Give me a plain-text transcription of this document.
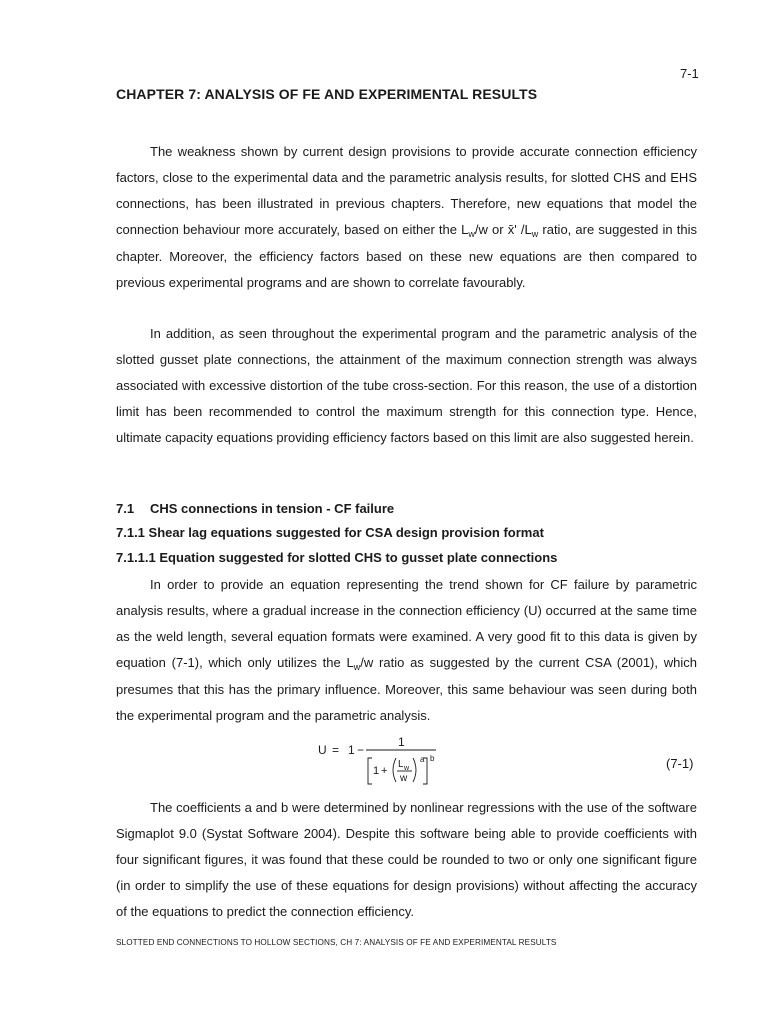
7-1
CHAPTER 7: ANALYSIS OF FE AND EXPERIMENTAL RESULTS

The weakness shown by current design provisions to provide accurate connection efficiency factors, close to the experimental data and the parametric analysis results, for slotted CHS and EHS connections, has been illustrated in previous chapters. Therefore, new equations that model the connection behaviour more accurately, based on either the $L_w/w$ or x̄' $/L_w$ ratio, are suggested in this chapter. Moreover, the efficiency factors based on these new equations are then compared to previous experimental programs and are shown to correlate favourably.

In addition, as seen throughout the experimental program and the parametric analysis of the slotted gusset plate connections, the attainment of the maximum connection strength was always associated with excessive distortion of the tube cross-section. For this reason, the use of a distortion limit has been recommended to control the maximum strength for this connection type. Hence, ultimate capacity equations providing efficiency factors based on this limit are also suggested herein.

7.1 CHS connections in tension - CF failure
7.1.1 Shear lag equations suggested for CSA design provision format
7.1.1.1 Equation suggested for slotted CHS to gusset plate connections

In order to provide an equation representing the trend shown for CF failure by parametric analysis results, where a gradual increase in the connection efficiency (U) occurred at the same time as the weld length, several equation formats were examined. A very good fit to this data is given by equation (7-1), which only utilizes the $L_w/w$ ratio as suggested by the current CSA (2001), which presumes that this has the primary influence. Moreover, this same behaviour was seen during both the experimental program and the parametric analysis.

U = 1 −
1
1 +
L w
w
a b	(7-1)

The coefficients a and b were determined by nonlinear regressions with the use of the software Sigmaplot 9.0 (Systat Software 2004). Despite this software being able to provide coefficients with four significant figures, it was found that these could be rounded to two or only one significant figure (in order to simplify the use of these equations for design provisions) without affecting the accuracy of the equations to predict the connection efficiency.

SLOTTED END CONNECTIONS TO HOLLOW SECTIONS, CH 7: ANALYSIS OF FE AND EXPERIMENTAL RESULTS
